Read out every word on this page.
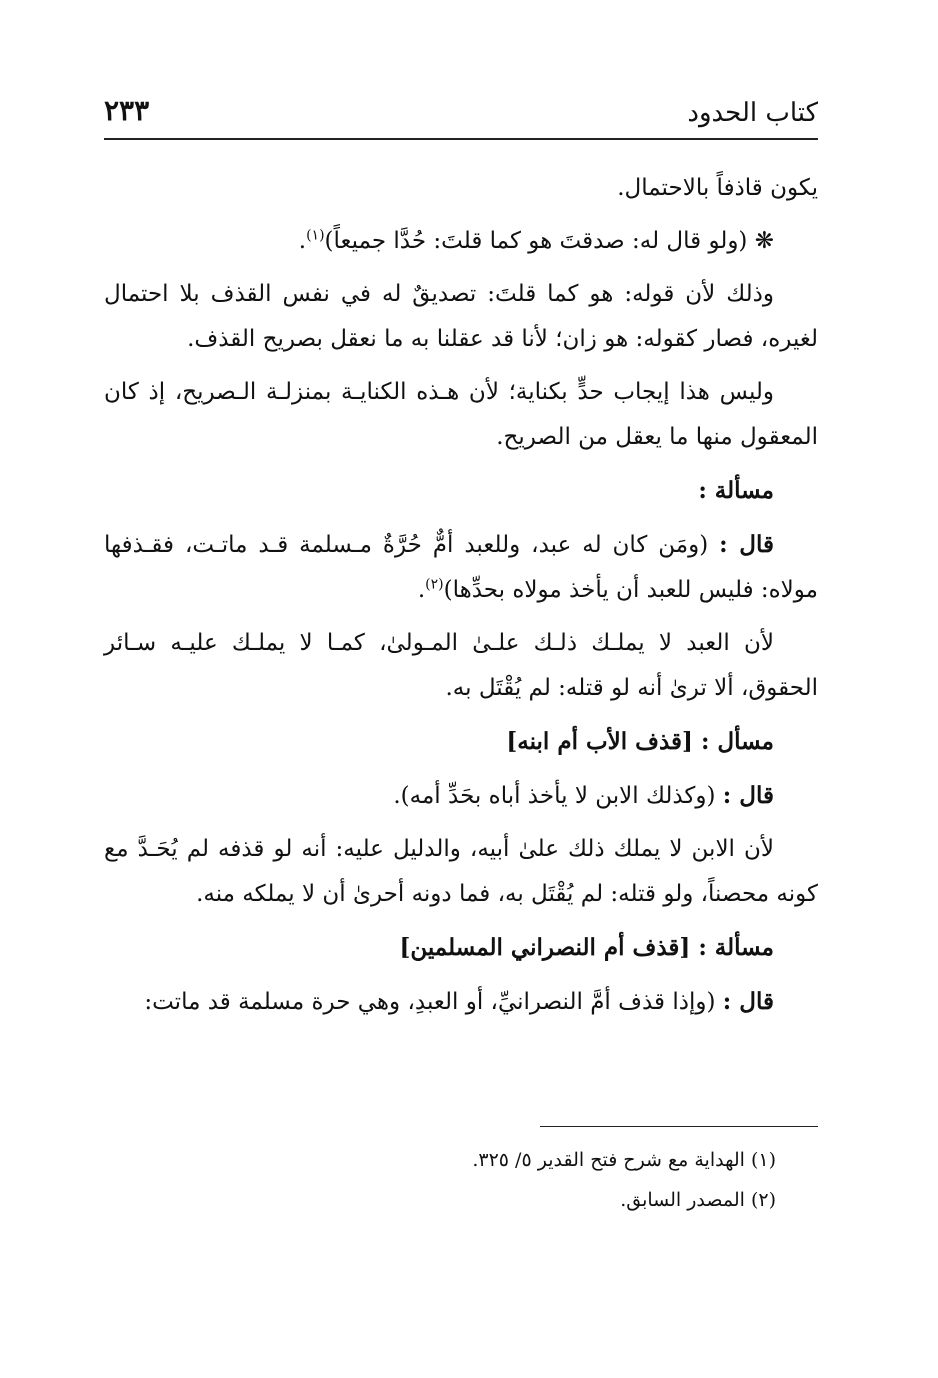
كتاب الحدود
٢٣٣

يكون قاذفاً بالاحتمال.

❋ (ولو قال له: صدقتَ هو كما قلتَ: حُدَّا جميعاً)$^{(١)}$.

وذلك لأن قوله: هو كما قلتَ: تصديقٌ له في نفس القذف بلا احتمال لغيره، فصار كقوله: هو زان؛ لأنا قد عقلنا به ما نعقل بصريح القذف.

وليس هذا إيجاب حدٍّ بكناية؛ لأن هـذه الكنايـة بمنزلـة الـصريح، إذ كان المعقول منها ما يعقل من الصريح.

مسألة :

قال : (ومَن كان له عبد، وللعبد أمٌّ حُرَّةٌ مـسلمة قـد ماتـت، فقـذفها مولاه: فليس للعبد أن يأخذ مولاه بحدِّها)$^{(٢)}$.

لأن العبد لا يملـك ذلـك علـىٰ المـولىٰ، كمـا لا يملـك عليـه سـائر الحقوق، ألا ترىٰ أنه لو قتله: لم يُقْتَل به.

مسأل : [قذف الأب أم ابنه]

قال : (وكذلك الابن لا يأخذ أباه بحَدِّ أمه).

لأن الابن لا يملك ذلك علىٰ أبيه، والدليل عليه: أنه لو قذفه لم يُحَـدَّ مع كونه محصناً، ولو قتله: لم يُقْتَل به، فما دونه أحرىٰ أن لا يملكه منه.

مسألة : [قذف أم النصراني المسلمين]

قال : (وإذا قذف أمَّ النصرانيِّ، أو العبدِ، وهي حرة مسلمة قد ماتت:

(١) الهداية مع شرح فتح القدير ٥/ ٣٢٥.

(٢) المصدر السابق.
